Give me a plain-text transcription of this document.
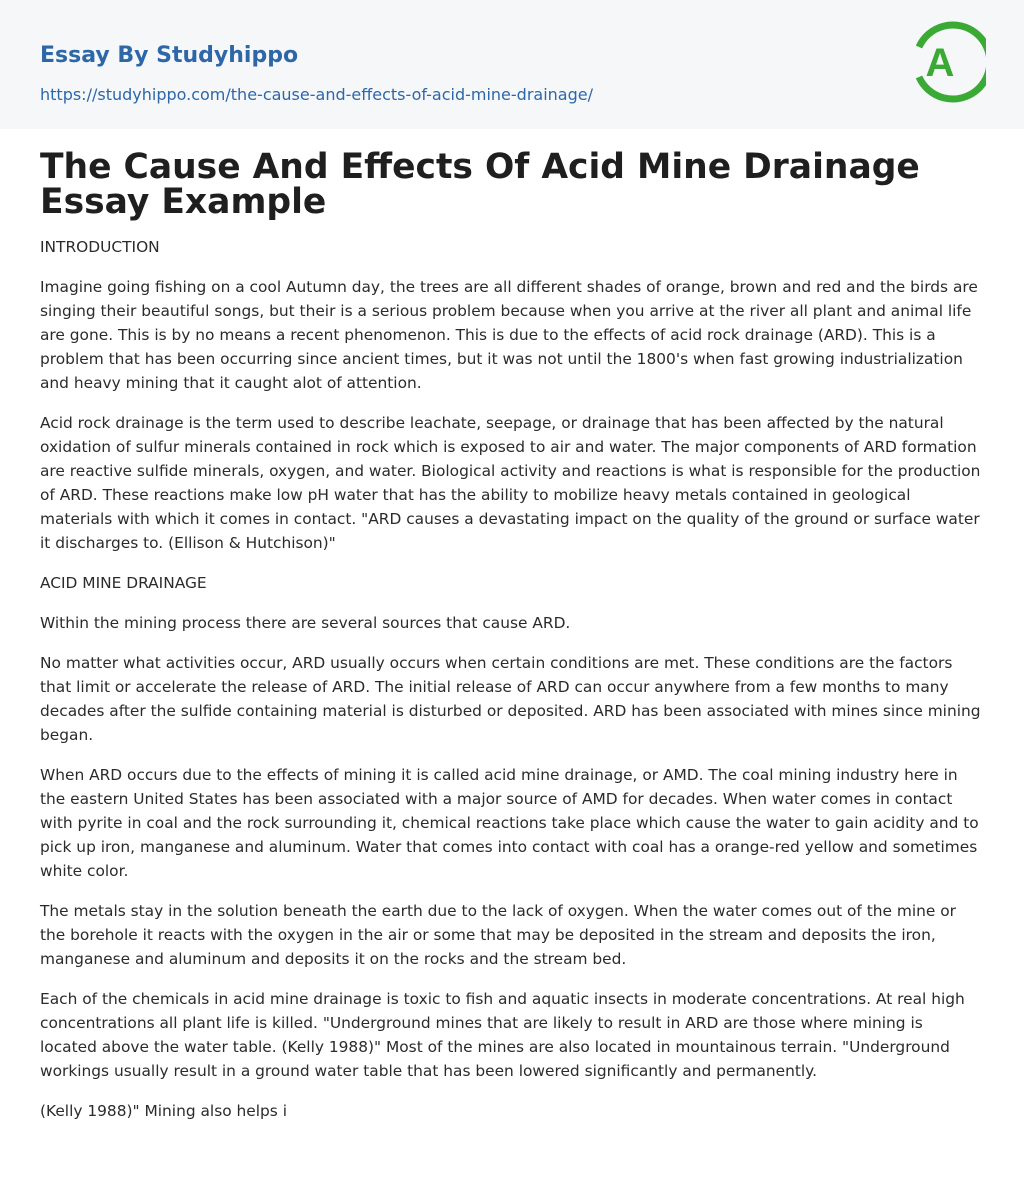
Essay By Studyhippo
https://studyhippo.com/the-cause-and-effects-of-acid-mine-drainage/
A
The Cause And Effects Of Acid Mine Drainage Essay Example

INTRODUCTION

Imagine going fishing on a cool Autumn day, the trees are all different shades of orange, brown and red and the birds are singing their beautiful songs, but their is a serious problem because when you arrive at the river all plant and animal life are gone. This is by no means a recent phenomenon. This is due to the effects of acid rock drainage (ARD). This is a problem that has been occurring since ancient times, but it was not until the 1800's when fast growing industrialization and heavy mining that it caught alot of attention.

Acid rock drainage is the term used to describe leachate, seepage, or drainage that has been affected by the natural oxidation of sulfur minerals contained in rock which is exposed to air and water. The major components of ARD formation are reactive sulfide minerals, oxygen, and water. Biological activity and reactions is what is responsible for the production of ARD. These reactions make low pH water that has the ability to mobilize heavy metals contained in geological materials with which it comes in contact. "ARD causes a devastating impact on the quality of the ground or surface water it discharges to. (Ellison & Hutchison)"

ACID MINE DRAINAGE

Within the mining process there are several sources that cause ARD.

No matter what activities occur, ARD usually occurs when certain conditions are met. These conditions are the factors that limit or accelerate the release of ARD. The initial release of ARD can occur anywhere from a few months to many decades after the sulfide containing material is disturbed or deposited. ARD has been associated with mines since mining began.

When ARD occurs due to the effects of mining it is called acid mine drainage, or AMD. The coal mining industry here in the eastern United States has been associated with a major source of AMD for decades. When water comes in contact with pyrite in coal and the rock surrounding it, chemical reactions take place which cause the water to gain acidity and to pick up iron, manganese and aluminum. Water that comes into contact with coal has a orange-red yellow and sometimes white color.

The metals stay in the solution beneath the earth due to the lack of oxygen. When the water comes out of the mine or the borehole it reacts with the oxygen in the air or some that may be deposited in the stream and deposits the iron, manganese and aluminum and deposits it on the rocks and the stream bed.

Each of the chemicals in acid mine drainage is toxic to fish and aquatic insects in moderate concentrations. At real high concentrations all plant life is killed. "Underground mines that are likely to result in ARD are those where mining is located above the water table. (Kelly 1988)" Most of the mines are also located in mountainous terrain. "Underground workings usually result in a ground water table that has been lowered significantly and permanently.

(Kelly 1988)" Mining also helps i
